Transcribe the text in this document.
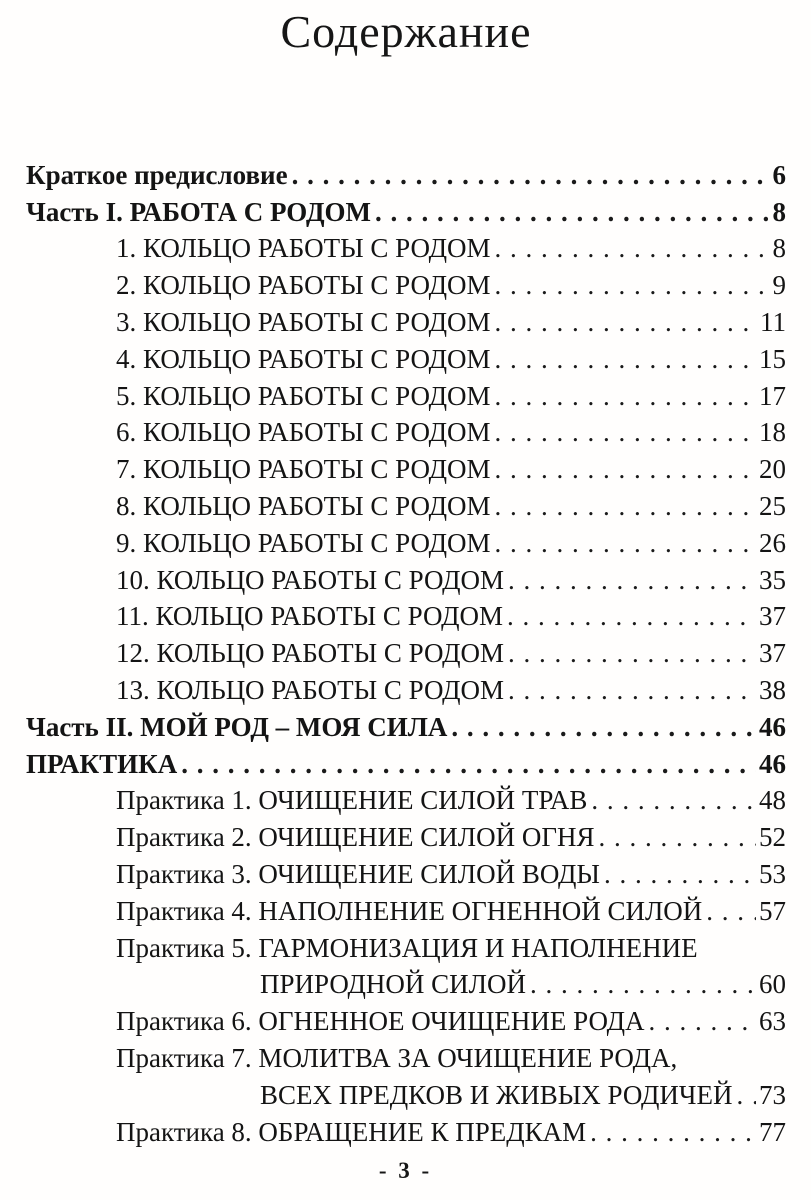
Содержание
Краткое предисловие . . .	6
Часть I. РАБОТА С РОДОМ . . .	8
1. КОЛЬЦО РАБОТЫ С РОДОМ . . .	8
2. КОЛЬЦО РАБОТЫ С РОДОМ . . .	9
3. КОЛЬЦО РАБОТЫ С РОДОМ . . .	11
4. КОЛЬЦО РАБОТЫ С РОДОМ . . .	15
5. КОЛЬЦО РАБОТЫ С РОДОМ . . .	17
6. КОЛЬЦО РАБОТЫ С РОДОМ . . .	18
7. КОЛЬЦО РАБОТЫ С РОДОМ . . .	20
8. КОЛЬЦО РАБОТЫ С РОДОМ . . .	25
9. КОЛЬЦО РАБОТЫ С РОДОМ . . .	26
10. КОЛЬЦО РАБОТЫ С РОДОМ . . .	35
11. КОЛЬЦО РАБОТЫ С РОДОМ . . .	37
12. КОЛЬЦО РАБОТЫ С РОДОМ . . .	37
13. КОЛЬЦО РАБОТЫ С РОДОМ . . .	38
Часть II. МОЙ РОД – МОЯ СИЛА . . .	46
ПРАКТИКА . . .	46
Практика 1. ОЧИЩЕНИЕ СИЛОЙ ТРАВ . . .	48
Практика 2. ОЧИЩЕНИЕ СИЛОЙ ОГНЯ . . .	52
Практика 3. ОЧИЩЕНИЕ СИЛОЙ ВОДЫ . . .	53
Практика 4. НАПОЛНЕНИЕ ОГНЕННОЙ СИЛОЙ . . . 57
Практика 5. ГАРМОНИЗАЦИЯ И НАПОЛНЕНИЕ
ПРИРОДНОЙ СИЛОЙ . . .	60
Практика 6. ОГНЕННОЕ ОЧИЩЕНИЕ РОДА . . .	63
Практика 7. МОЛИТВА ЗА ОЧИЩЕНИЕ РОДА,
ВСЕХ ПРЕДКОВ И ЖИВЫХ РОДИЧЕЙ . . . 73
Практика 8. ОБРАЩЕНИЕ К ПРЕДКАМ . . .	77
- 3 -
